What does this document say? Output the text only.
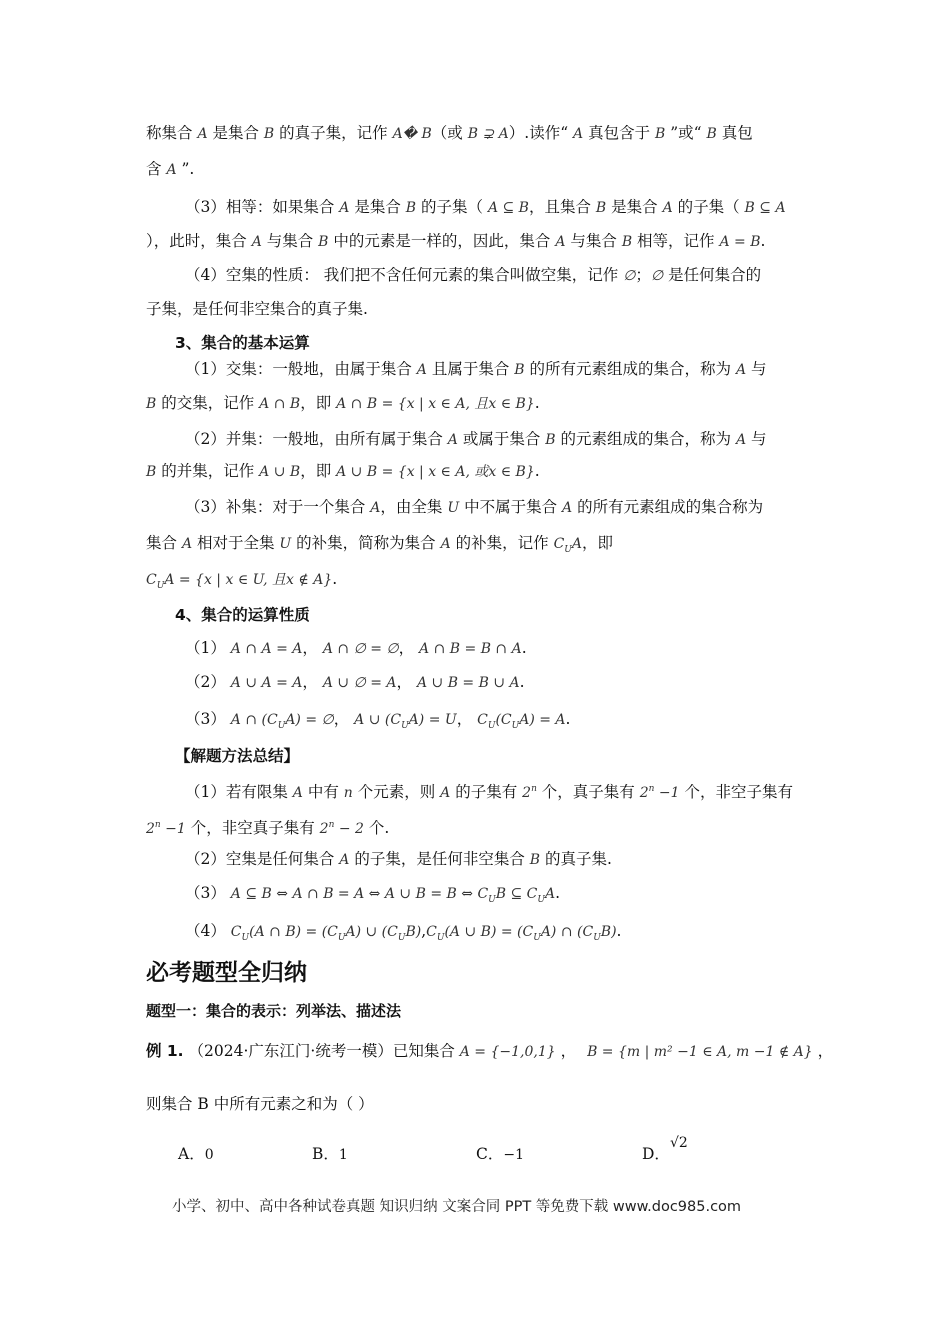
称集合 A 是集合 B 的真子集，记作 A� B（或 B ⊋ A）.读作“ A 真包含于 B ”或“ B 真包
含 A ”.
（3）相等：如果集合 A 是集合 B 的子集（ A ⊆ B，且集合 B 是集合 A 的子集（ B ⊆ A
），此时，集合 A 与集合 B 中的元素是一样的，因此，集合 A 与集合 B 相等，记作 A = B.
（4）空集的性质： 我们把不含任何元素的集合叫做空集，记作 ∅；∅ 是任何集合的
子集，是任何非空集合的真子集.
3、集合的基本运算
（1）交集：一般地，由属于集合 A 且属于集合 B 的所有元素组成的集合，称为 A 与
B 的交集，记作 A ∩ B，即 A ∩ B = {x | x ∈ A, 且x ∈ B}.
（2）并集：一般地，由所有属于集合 A 或属于集合 B 的元素组成的集合，称为 A 与
B 的并集，记作 A ∪ B，即 A ∪ B = {x | x ∈ A, 或x ∈ B}.
（3）补集：对于一个集合 A，由全集 U 中不属于集合 A 的所有元素组成的集合称为
集合 A 相对于全集 U 的补集，简称为集合 A 的补集，记作 $C_UA$，即
$C_UA = \{x$ | x ∈ U, 且x ∉ A}.
4、集合的运算性质
（1） A ∩ A = A， A ∩ ∅ = ∅， A ∩ B = B ∩ A.
（2） A ∪ A = A， A ∪ ∅ = A， A ∪ B = B ∪ A.
（3） A ∩ $(C_UA)$ = ∅， A ∪ $(C_UA) = U$， $C_U(C_UA) = A$.
【解题方法总结】
（1）若有限集 A 中有 n 个元素，则 A 的子集有 2$^n$ 个，真子集有 $2^n -1$ 个，非空子集有
$2^n -1$ 个，非空真子集有 $2^n - 2$ 个.
（2）空集是任何集合 A 的子集，是任何非空集合 B 的真子集.
（3） A ⊆ B ⇔ A ∩ B = A ⇔ A ∪ B = B ⇔ $C_UB$ ⊆ $C_UA$.
（4） $C_U(A$ ∩ $B) = (C_UA)$ ∪ $(C_UB),C_U(A$ ∪ $B) = (C_UA)$ ∩ $(C_UB)$.
必考题型全归纳
题型一：集合的表示：列举法、描述法
例 1. （2024·广东江门·统考一模）已知集合 A = {−1,0,1} ， B = {m | m² −1 ∈ A, m −1 ∉ A} ，
则集合 B 中所有元素之和为（ ）
A．0	B．1	C．−1	D．√2
小学、初中、高中各种试卷真题 知识归纳 文案合同 PPT 等免费下载 www.doc985.com
